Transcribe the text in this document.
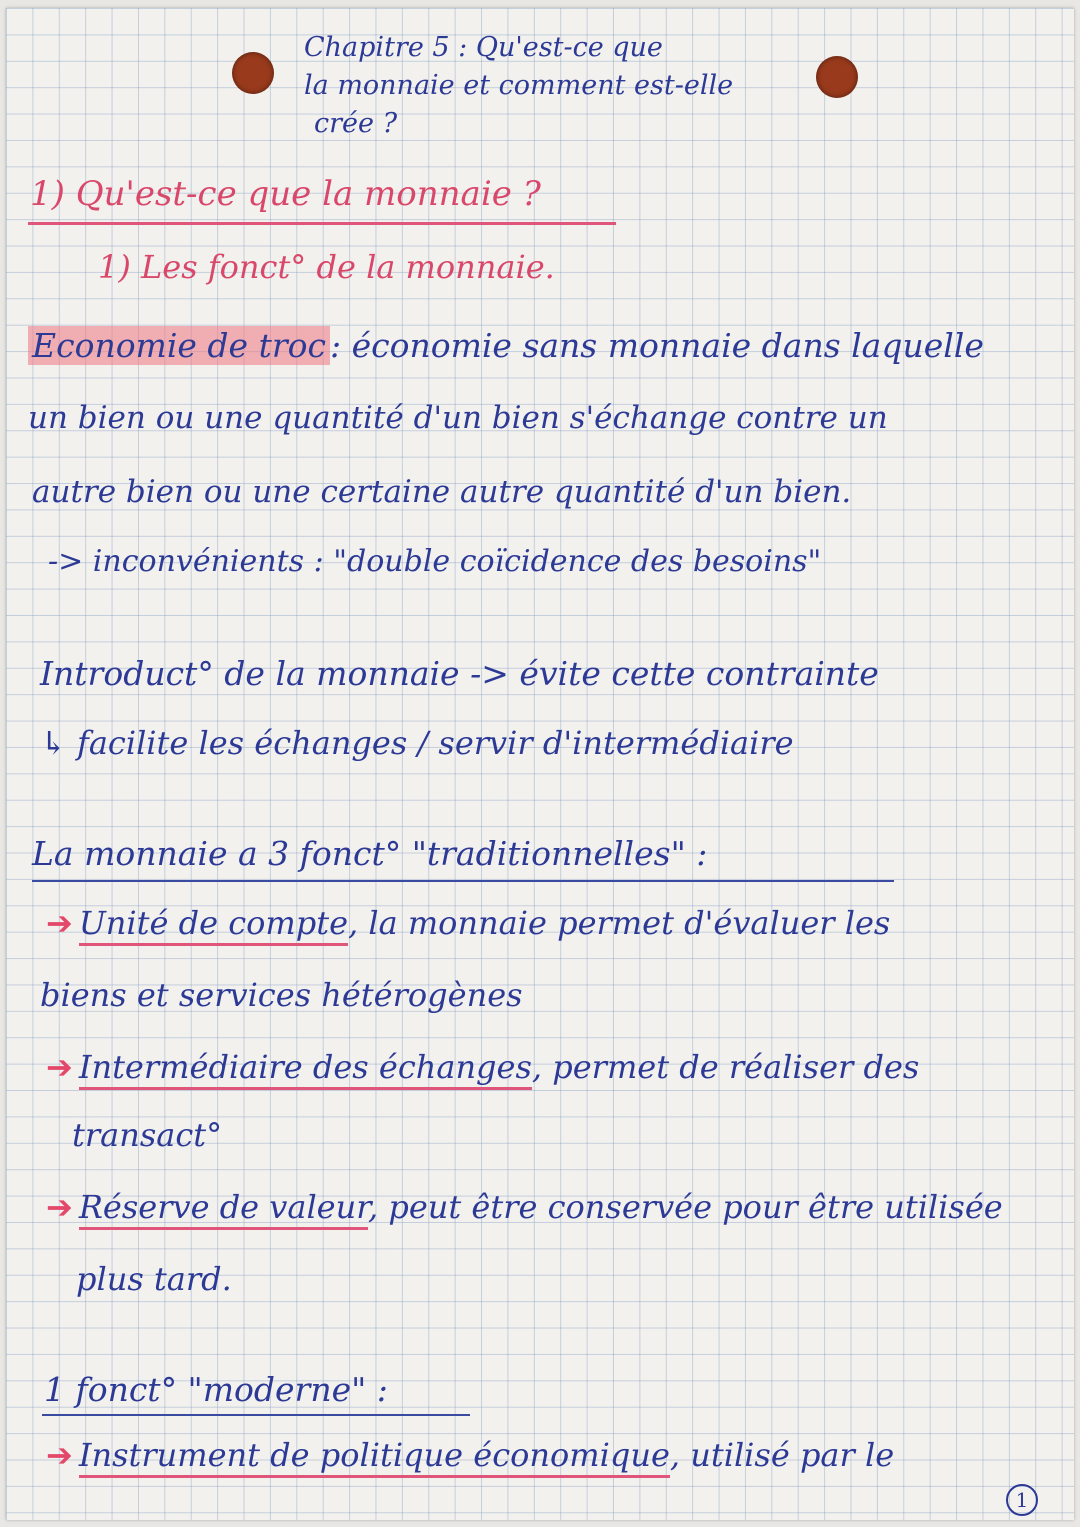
Chapitre 5 : Qu'est-ce que
la monnaie et comment est-elle
crée ?
1) Qu'est-ce que la monnaie ?
1) Les fonct° de la monnaie.
Economie de troc : économie sans monnaie dans laquelle
un bien ou une quantité d'un bien s'échange contre un
autre bien ou une certaine autre quantité d'un bien.
-> inconvénients : "double coïcidence des besoins"
Introduct° de la monnaie -> évite cette contrainte
↳ facilite les échanges / servir d'intermédiaire
La monnaie a 3 fonct° "traditionnelles" :
➔ Unité de compte, la monnaie permet d'évaluer les
biens et services hétérogènes
➔ Intermédiaire des échanges, permet de réaliser des
transact°
➔ Réserve de valeur, peut être conservée pour être utilisée
plus tard.
1 fonct° "moderne" :
➔ Instrument de politique économique, utilisé par le
1
